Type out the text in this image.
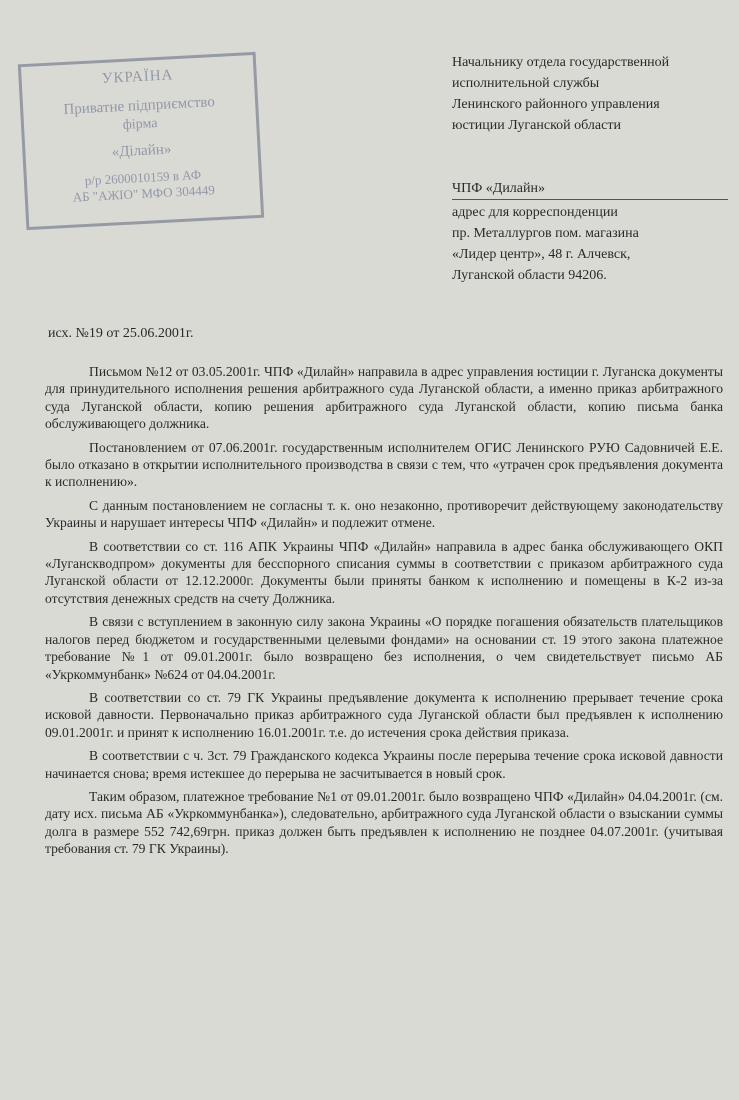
УКРАЇНА
Приватне підприємство
фірма
«Ділайн»
р/р 2600010159 в АФ
АБ "АЖІО" МФО 304449
Начальнику отдела государственной
исполнительной службы
Ленинского районного управления
юстиции Луганской области
ЧПФ «Дилайн»
адрес для корреспонденции
пр. Металлургов пом. магазина
«Лидер центр», 48 г. Алчевск,
Луганской области 94206.
исх. №19 от 25.06.2001г.

Письмом №12 от 03.05.2001г. ЧПФ «Дилайн» направила в адрес управления юстиции г. Луганска документы для принудительного исполнения решения арбитражного суда Луганской области, а именно приказ арбитражного суда Луганской области, копию решения арбитражного суда Луганской области, копию письма банка обслуживающего должника.

Постановлением от 07.06.2001г. государственным исполнителем ОГИС Ленинского РУЮ Садовничей Е.Е. было отказано в открытии исполнительного производства в связи с тем, что «утрачен срок предъявления документа к исполнению».

С данным постановлением не согласны т. к. оно незаконно, противоречит действующему законодательству Украины и нарушает интересы ЧПФ «Дилайн» и подлежит отмене.

В соответствии со ст. 116 АПК Украины ЧПФ «Дилайн» направила в адрес банка обслуживающего ОКП «Лугансквoдпром» документы для бесспорного списания суммы в соответствии с приказом арбитражного суда Луганской области от 12.12.2000г. Документы были приняты банком к исполнению и помещены в К-2 из-за отсутствия денежных средств на счету Должника.

В связи с вступлением в законную силу закона Украины «О порядке погашения обязательств плательщиков налогов перед бюджетом и государственными целевыми фондами» на основании ст. 19 этого закона платежное требование №1 от 09.01.2001г. было возвращено без исполнения, о чем свидетельствует письмо АБ «Укркоммунбанк» №624 от 04.04.2001г.

В соответствии со ст. 79 ГК Украины предъявление документа к исполнению прерывает течение срока исковой давности. Первоначально приказ арбитражного суда Луганской области был предъявлен к исполнению 09.01.2001г. и принят к исполнению 16.01.2001г. т.е. до истечения срока действия приказа.

В соответствии с ч. 3ст. 79 Гражданского кодекса Украины после перерыва течение срока исковой давности начинается снова; время истекшее до перерыва не засчитывается в новый срок.

Таким образом, платежное требование №1 от 09.01.2001г. было возвращено ЧПФ «Дилайн» 04.04.2001г. (см. дату исх. письма АБ «Укркоммунбанка»), следовательно, арбитражного суда Луганской области о взыскании суммы долга в размере 552 742,69грн. приказ должен быть предъявлен к исполнению не позднее 04.07.2001г. (учитывая требования ст. 79 ГК Украины).
